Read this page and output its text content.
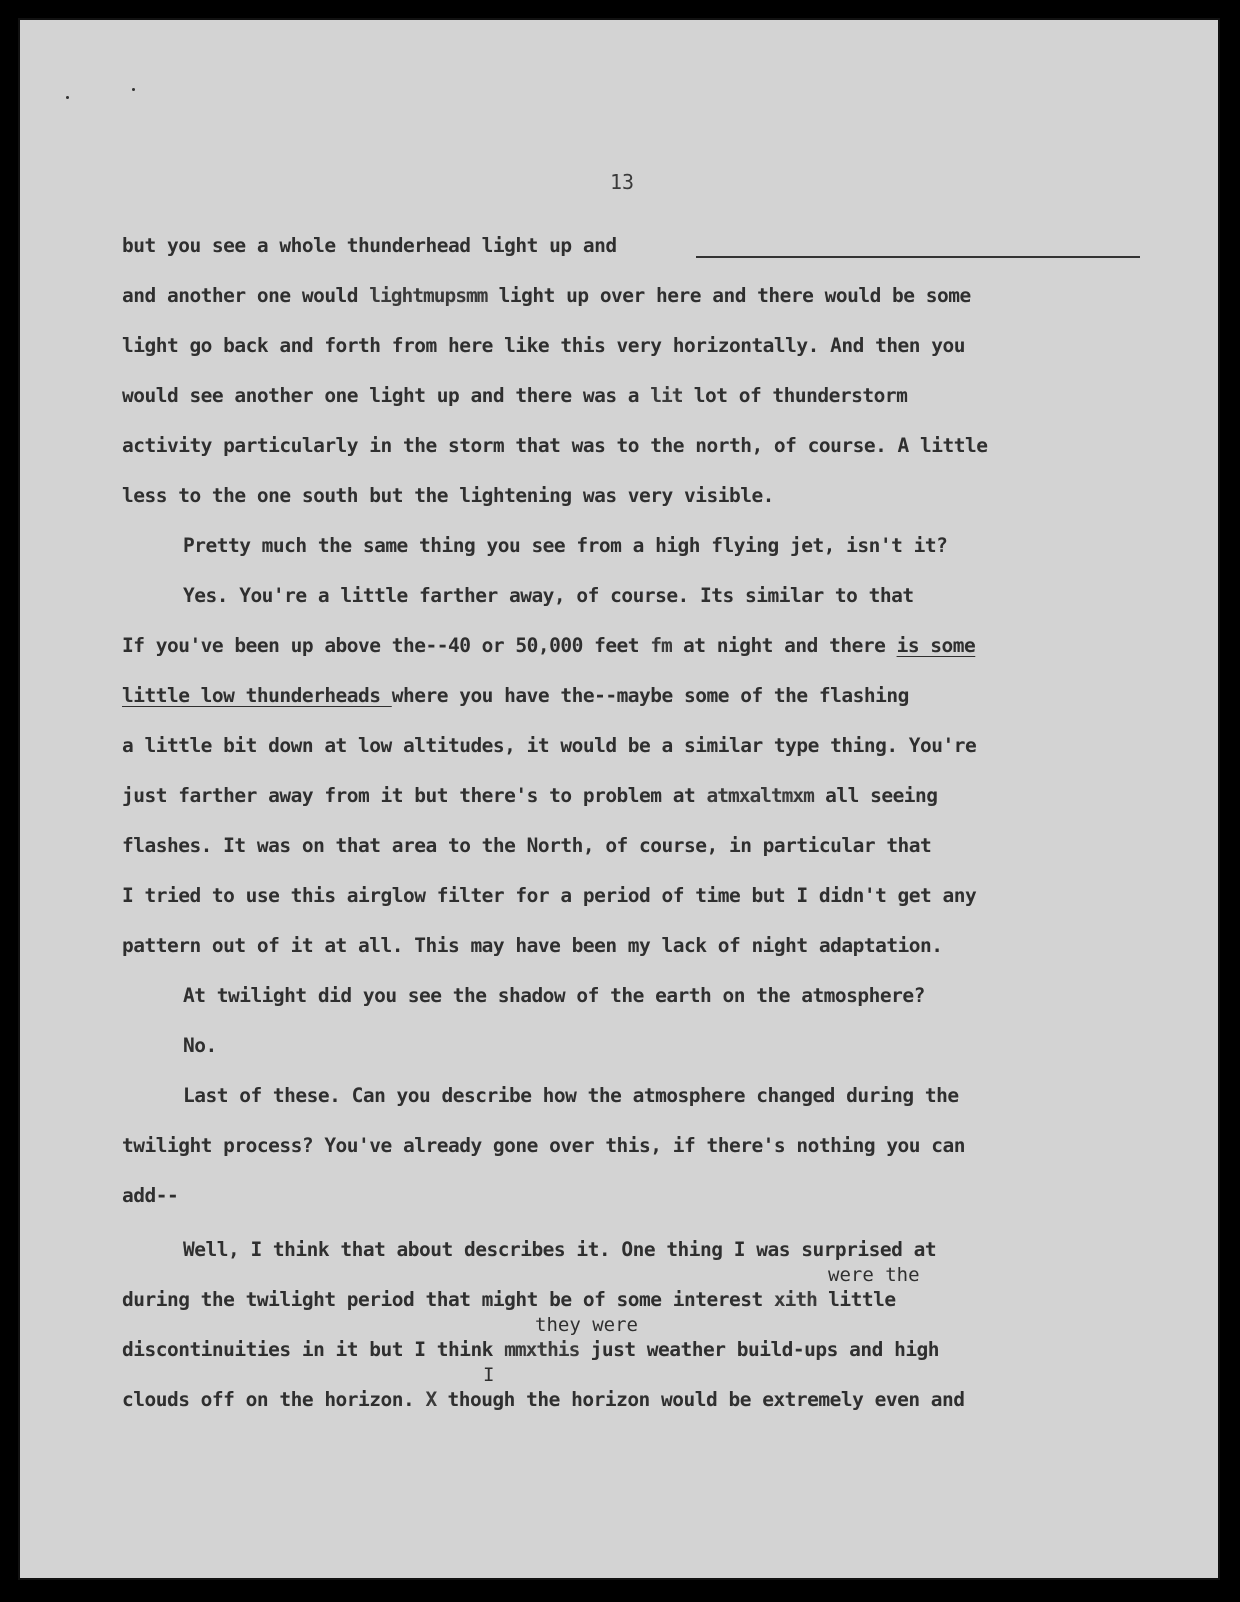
13
but you see a whole thunderhead light up and
and another one would lightmupsmm light up over here and there would be some
light go back and forth from here like this very horizontally. And then you
would see another one light up and there was a lit lot of thunderstorm
activity particularly in the storm that was to the north, of course. A little
less to the one south but the lightening was very visible.
Pretty much the same thing you see from a high flying jet, isn't it?
Yes. You're a little farther away, of course. Its similar to that
If you've been up above the--40 or 50,000 feet fm at night and there is some
little low thunderheads where you have the--maybe some of the flashing
a little bit down at low altitudes, it would be a similar type thing. You're
just farther away from it but there's to problem at atmxaltmxm all seeing
flashes. It was on that area to the North, of course, in particular that
I tried to use this airglow filter for a period of time but I didn't get any
pattern out of it at all. This may have been my lack of night adaptation.
At twilight did you see the shadow of the earth on the atmosphere?
No.
Last of these. Can you describe how the atmosphere changed during the
twilight process? You've already gone over this, if there's nothing you can
add--
Well, I think that about describes it. One thing I was surprised at
were the
during the twilight period that might be of some interest xith little
they were
discontinuities in it but I think mmxthis just weather build-ups and high
I
clouds off on the horizon. X though the horizon would be extremely even and
